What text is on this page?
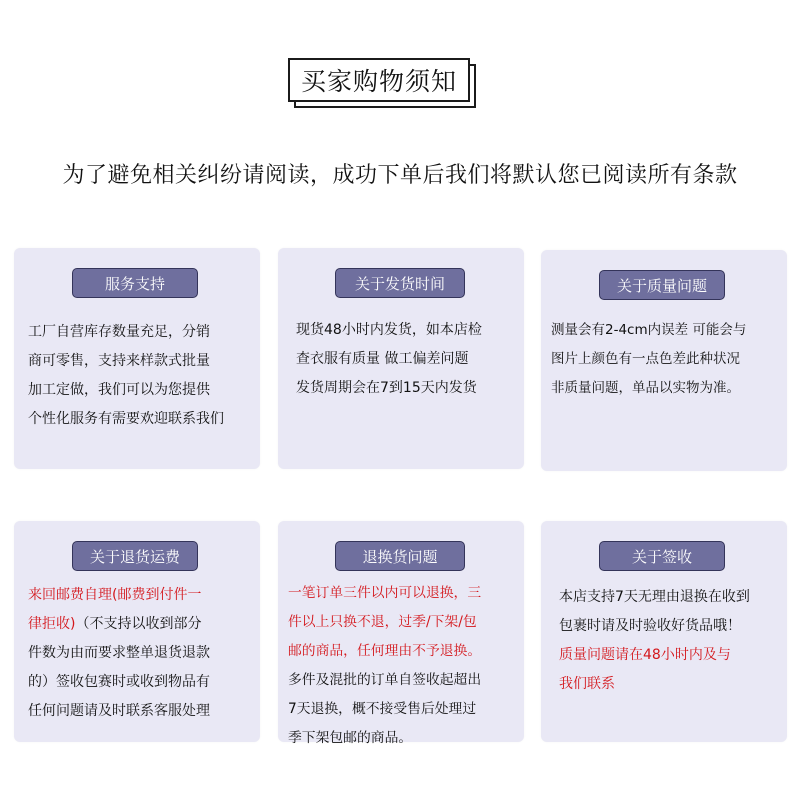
买家购物须知
为了避免相关纠纷请阅读，成功下单后我们将默认您已阅读所有条款
服务支持
工厂自营库存数量充足，分销
商可零售，支持来样款式批量
加工定做，我们可以为您提供
个性化服务有需要欢迎联系我们
关于发货时间
现货48小时内发货，如本店检
查衣服有质量 做工偏差问题
发货周期会在7到15天内发货
关于质量问题
测量会有2-4cm内误差 可能会与
图片上颜色有一点色差此种状况
非质量问题，单品以实物为准。
关于退货运费
来回邮费自理(邮费到付件一
律拒收)（不支持以收到部分
件数为由而要求整单退货退款
的）签收包赛时或收到物品有
任何问题请及时联系客服处理
退换货问题
一笔订单三件以内可以退换，三
件以上只换不退，过季/下架/包
邮的商品，任何理由不予退换。
多件及混批的订单自签收起超出
7天退换，概不接受售后处理过
季下架包邮的商品。
关于签收
本店支持7天无理由退换在收到
包裹时请及时验收好货品哦！
质量问题请在48小时内及与
我们联系
